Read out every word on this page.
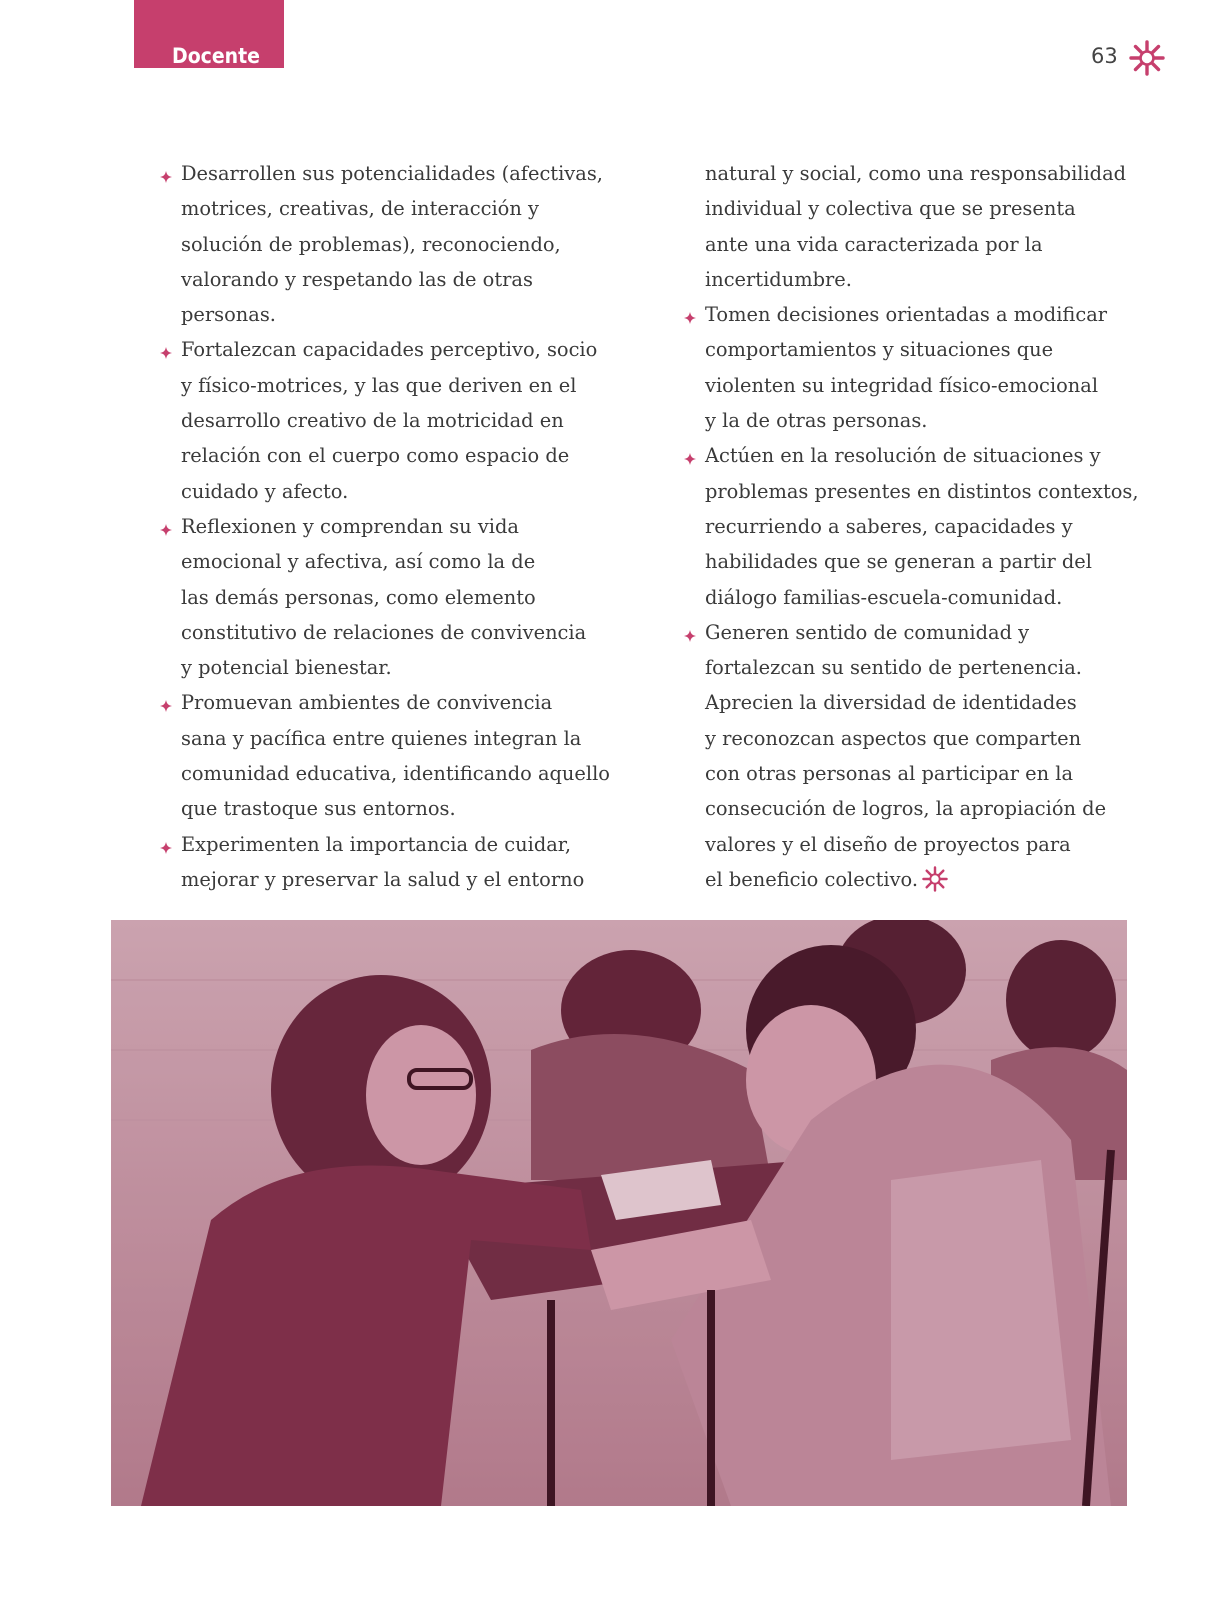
Docente	63
Desarrollen sus potencialidades (afectivas,
motrices, creativas, de interacción y
solución de problemas), reconociendo,
valorando y respetando las de otras
personas.
Fortalezcan capacidades perceptivo, socio
y físico-motrices, y las que deriven en el
desarrollo creativo de la motricidad en
relación con el cuerpo como espacio de
cuidado y afecto.
Reflexionen y comprendan su vida
emocional y afectiva, así como la de
las demás personas, como elemento
constitutivo de relaciones de convivencia
y potencial bienestar.
Promuevan ambientes de convivencia
sana y pacífica entre quienes integran la
comunidad educativa, identificando aquello
que trastoque sus entornos.
Experimenten la importancia de cuidar,
mejorar y preservar la salud y el entorno
natural y social, como una responsabilidad
individual y colectiva que se presenta
ante una vida caracterizada por la
incertidumbre.
Tomen decisiones orientadas a modificar
comportamientos y situaciones que
violenten su integridad físico-emocional
y la de otras personas.
Actúen en la resolución de situaciones y
problemas presentes en distintos contextos,
recurriendo a saberes, capacidades y
habilidades que se generan a partir del
diálogo familias-escuela-comunidad.
Generen sentido de comunidad y
fortalezcan su sentido de pertenencia.
Aprecien la diversidad de identidades
y reconozcan aspectos que comparten
con otras personas al participar en la
consecución de logros, la apropiación de
valores y el diseño de proyectos para
el beneficio colectivo.
